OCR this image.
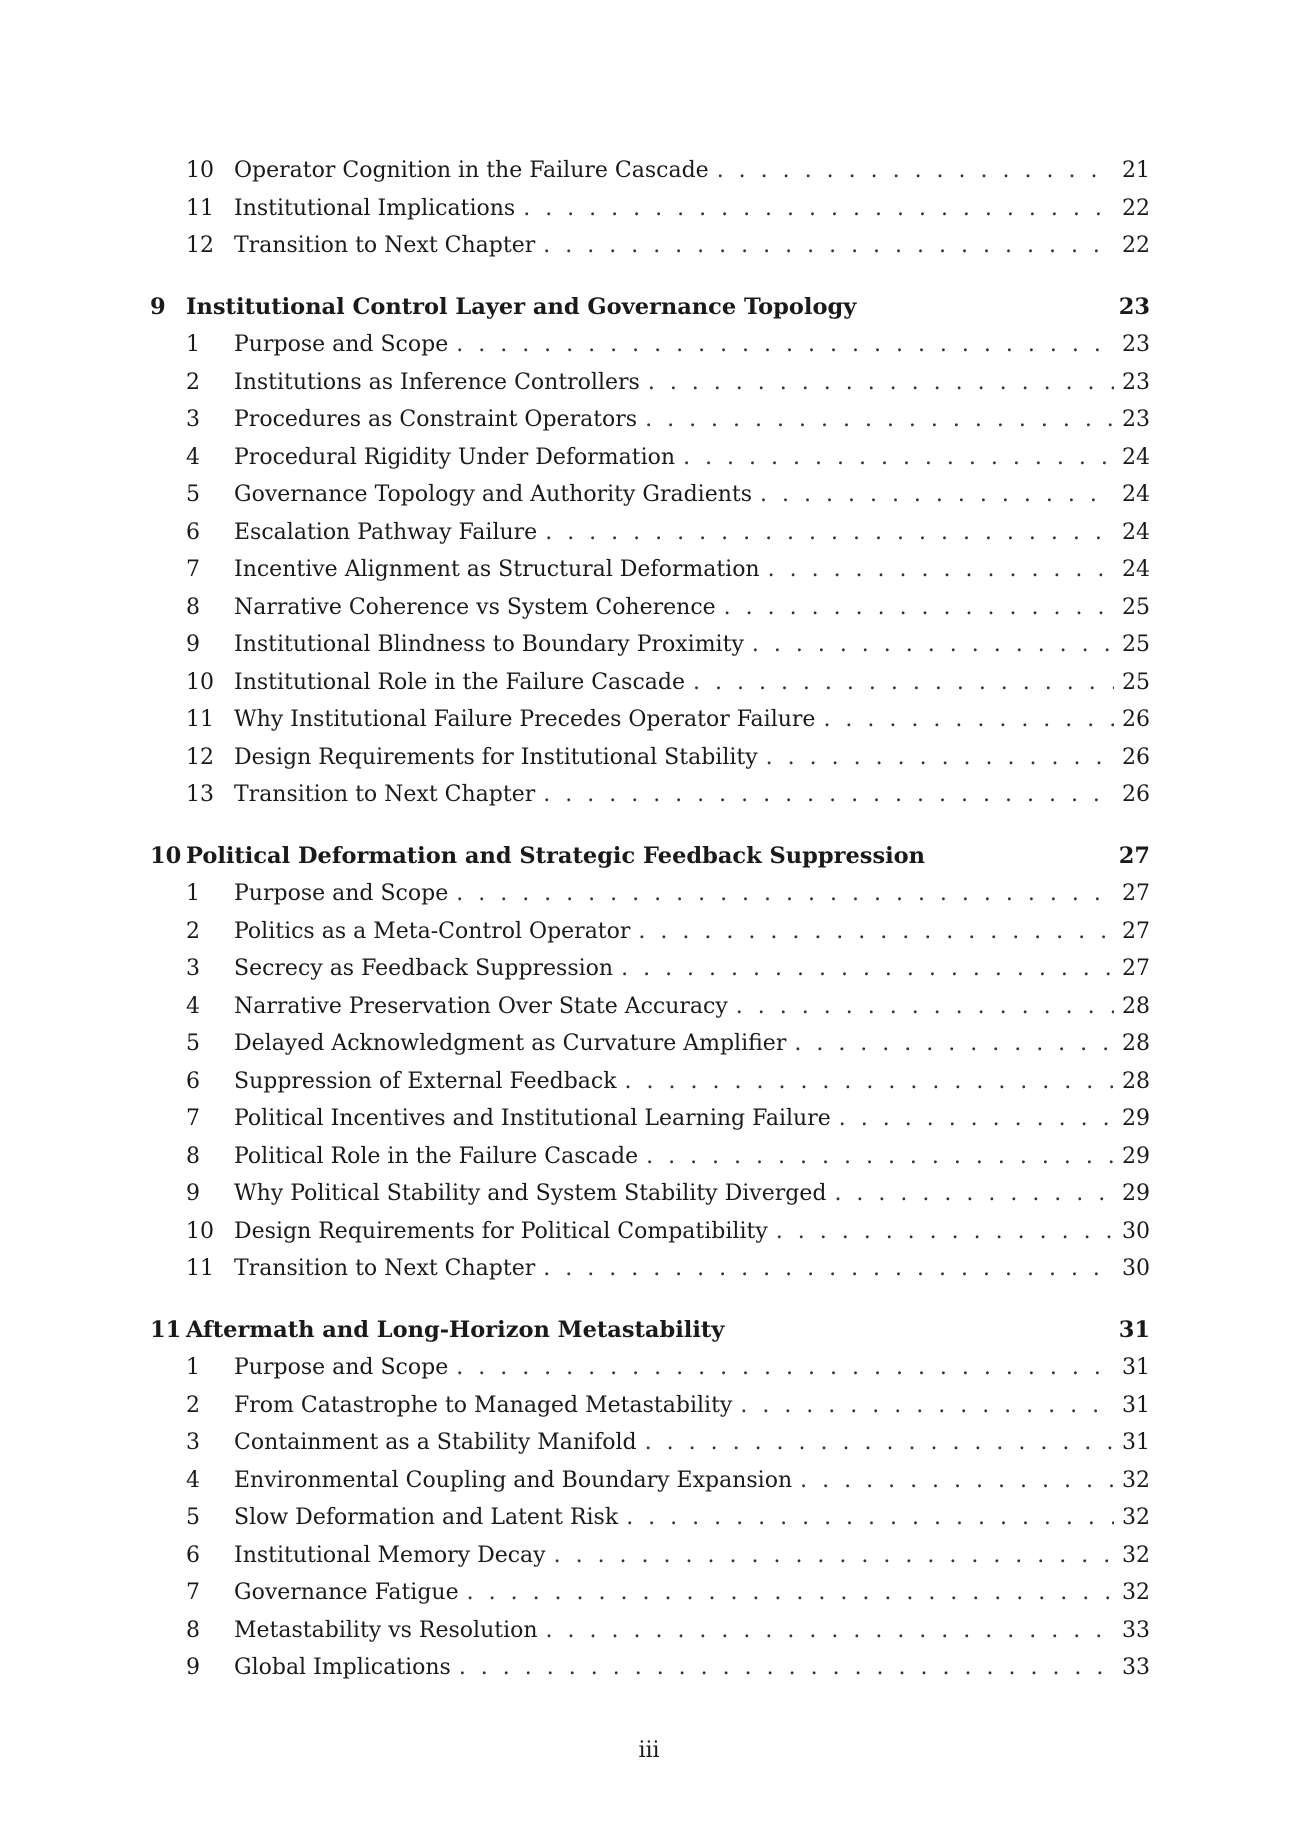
10 Operator Cognition in the Failure Cascade . . .	21
11 Institutional Implications . . .	22
12 Transition to Next Chapter . . .	22
9 Institutional Control Layer and Governance Topology	23
1	Purpose and Scope . . .	23
2	Institutions as Inference Controllers . . .	23
3	Procedures as Constraint Operators . . .	23
4	Procedural Rigidity Under Deformation . . .	24
5	Governance Topology and Authority Gradients . . .	24
6	Escalation Pathway Failure . . .	24
7	Incentive Alignment as Structural Deformation . . .	24
8	Narrative Coherence vs System Coherence . . .	25
9	Institutional Blindness to Boundary Proximity . . .	25
10 Institutional Role in the Failure Cascade . . .	25
11 Why Institutional Failure Precedes Operator Failure . . .	26
12 Design Requirements for Institutional Stability . . .	26
13 Transition to Next Chapter . . .	26
10 Political Deformation and Strategic Feedback Suppression	27
1	Purpose and Scope . . .	27
2	Politics as a Meta-Control Operator . . .	27
3	Secrecy as Feedback Suppression . . .	27
4	Narrative Preservation Over State Accuracy . . .	28
5	Delayed Acknowledgment as Curvature Amplifier . . .	28
6	Suppression of External Feedback . . .	28
7	Political Incentives and Institutional Learning Failure . . .	29
8	Political Role in the Failure Cascade . . .	29
9	Why Political Stability and System Stability Diverged . . .	29
10 Design Requirements for Political Compatibility . . .	30
11 Transition to Next Chapter . . .	30
11 Aftermath and Long-Horizon Metastability	31
1	Purpose and Scope . . .	31
2	From Catastrophe to Managed Metastability . . .	31
3	Containment as a Stability Manifold . . .	31
4	Environmental Coupling and Boundary Expansion . . .	32
5	Slow Deformation and Latent Risk . . .	32
6	Institutional Memory Decay . . .	32
7	Governance Fatigue . . .	32
8	Metastability vs Resolution . . .	33
9	Global Implications . . .	33
iii
